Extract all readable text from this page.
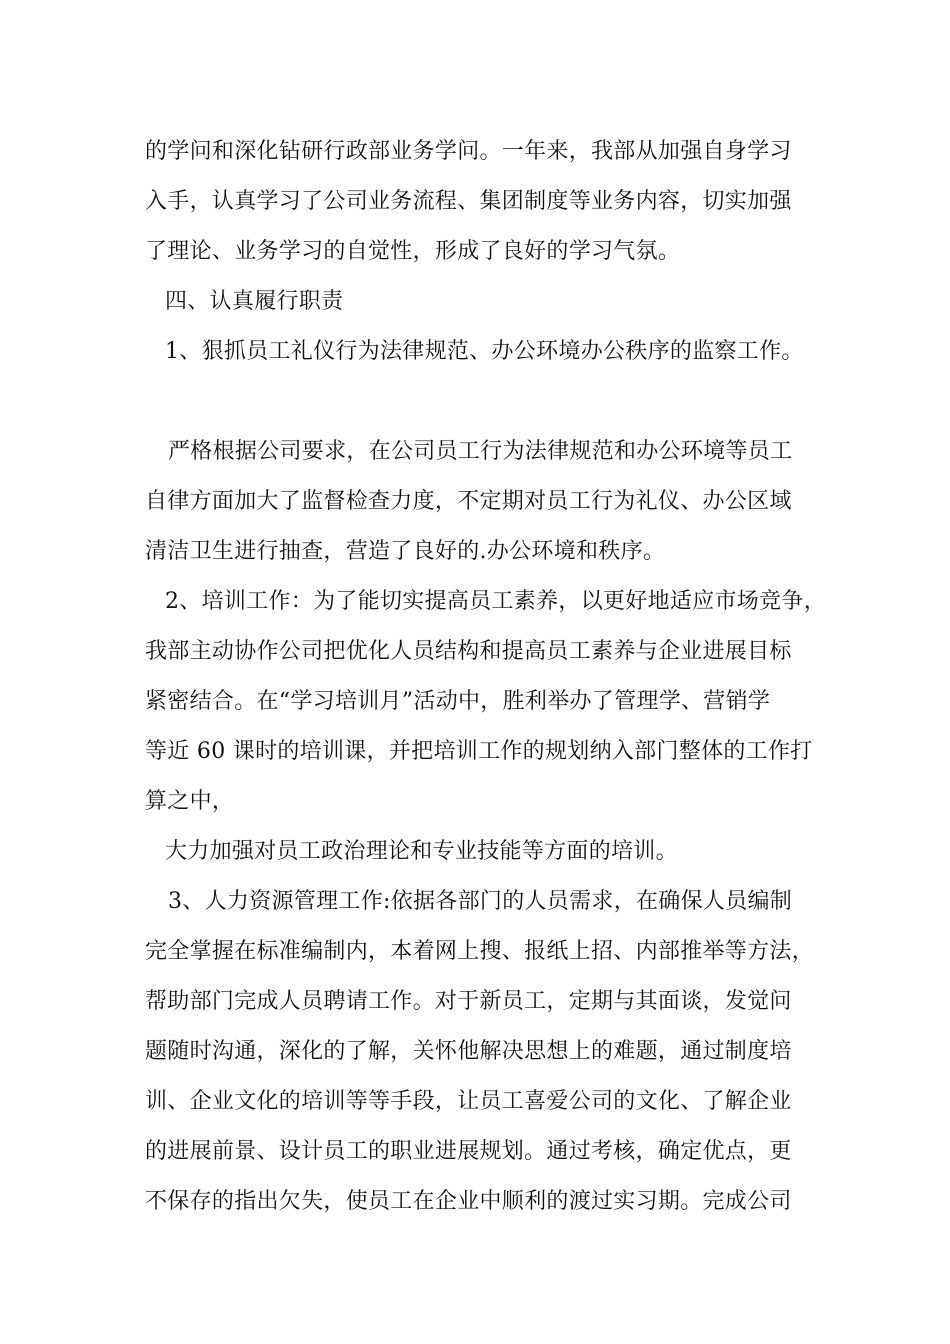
的学问和深化钻研行政部业务学问。一年来，我部从加强自身学习
入手，认真学习了公司业务流程、集团制度等业务内容，切实加强
了理论、业务学习的自觉性，形成了良好的学习气氛。
四、认真履行职责
1、狠抓员工礼仪行为法律规范、办公环境办公秩序的监察工作。
严格根据公司要求，在公司员工行为法律规范和办公环境等员工
自律方面加大了监督检查力度，不定期对员工行为礼仪、办公区域
清洁卫生进行抽查，营造了良好的.办公环境和秩序。
2、培训工作：为了能切实提高员工素养，以更好地适应市场竞争，
我部主动协作公司把优化人员结构和提高员工素养与企业进展目标
紧密结合。在“学习培训月”活动中，胜利举办了管理学、营销学
等近 60 课时的培训课，并把培训工作的规划纳入部门整体的工作打
算之中，
大力加强对员工政治理论和专业技能等方面的培训。
3、人力资源管理工作:依据各部门的人员需求，在确保人员编制
完全掌握在标准编制内，本着网上搜、报纸上招、内部推举等方法，
帮助部门完成人员聘请工作。对于新员工，定期与其面谈，发觉问
题随时沟通，深化的了解，关怀他解决思想上的难题，通过制度培
训、企业文化的培训等等手段，让员工喜爱公司的文化、了解企业
的进展前景、设计员工的职业进展规划。通过考核，确定优点，更
不保存的指出欠失，使员工在企业中顺利的渡过实习期。完成公司
